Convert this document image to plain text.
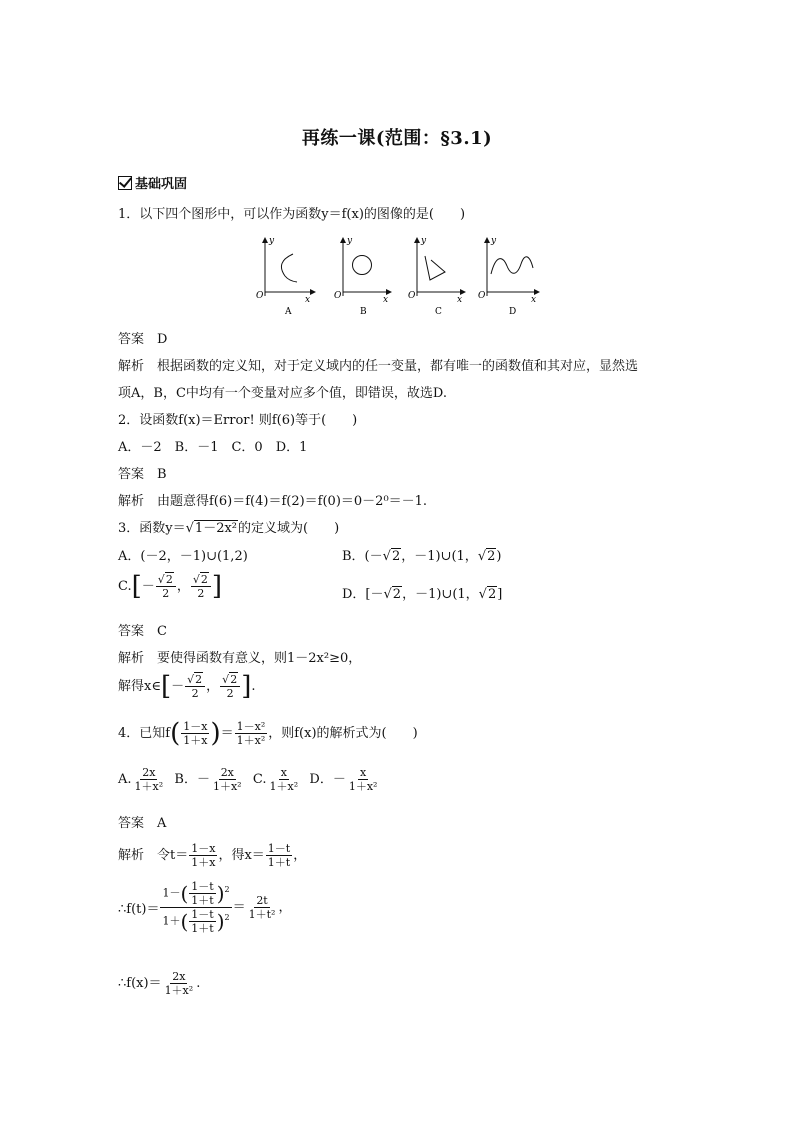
再练一课(范围：§3.1)
基础巩固
1．以下四个图形中，可以作为函数y＝f(x)的图像的是(　　)
y
x
O
A
y
x
O
B
y
x
O
C
y
x
O
D
答案　D
解析　根据函数的定义知，对于定义域内的任一变量，都有唯一的函数值和其对应，显然选
项A，B，C中均有一个变量对应多个值，即错误，故选D.
2．设函数f(x)＝Error! 则f(6)等于(　　)
A．－2　B．－1　C．0　D．1
答案　B
解析　由题意得f(6)＝f(4)＝f(2)＝f(0)＝0－2⁰＝－1.
3．函数y＝√1－2x²的定义域为(　　)
A．(－2，－1)∪(1,2)	B．(－√2，－1)∪(1，√2)
$C.[- \frac{√2}{2}$ ， $\frac{√2}{2}$ ]	D．[－√2，－1)∪(1，√2]
答案　C
解析　要使得函数有意义，则1－2x²≥0，
解得x∈[－ $\frac{√2}{2}$ ， $\frac{√2}{2}$ ].
4．已知$f( \frac{1-x}{1+x}$ )＝ $\frac{\text{1－x²}}{\text{1＋x²}}$ ，则f(x)的解析式为(　　)
A. $\frac{2x}{\text{1＋x²}}$ B．－ $\frac{2x}{\text{1＋x²}} C$. $\frac{x}{\text{1＋x²}}$ D．－ $\frac{x}{\text{1＋x²}}$
答案　A
解析　令$t= \frac{1-x}{1+x}$ ，得$x= \frac{1-t}{1+t}$ ，
∴f(t)＝ $\frac{1-( \frac{1-t}{1+t} )^2}{1+( \frac{1-t}{1+t} )^2} = \frac{2t}{\text{1＋t²}}$ ，
∴f(x)＝ $\frac{2x}{\text{1＋x²}}$ .
